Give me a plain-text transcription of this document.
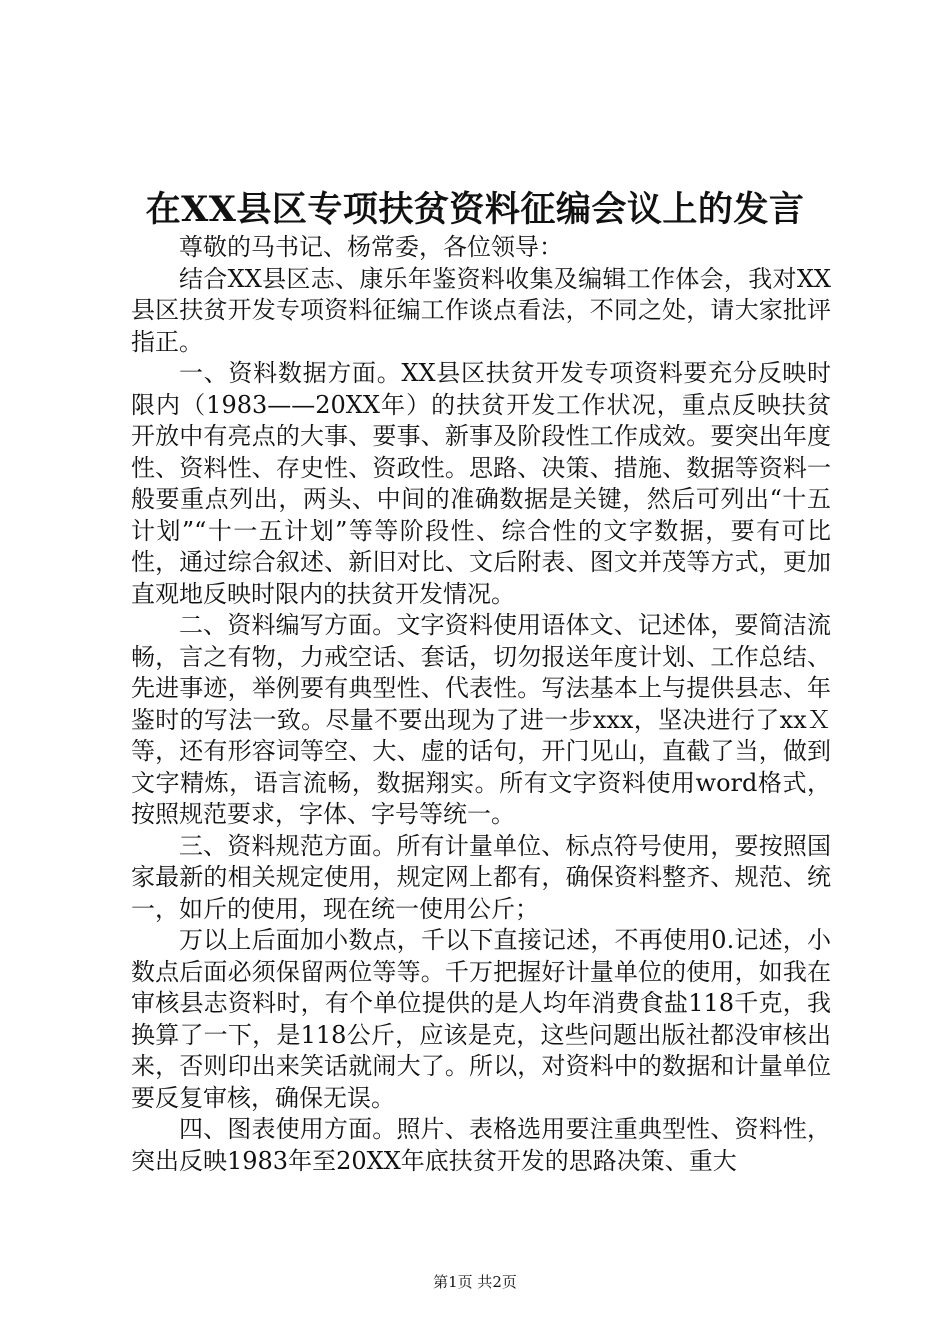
在XX县区专项扶贫资料征编会议上的发言

尊敬的马书记、杨常委，各位领导：

结合XX县区志、康乐年鉴资料收集及编辑工作体会，我对XX县区扶贫开发专项资料征编工作谈点看法，不同之处，请大家批评指正。

一、资料数据方面。XX县区扶贫开发专项资料要充分反映时限内（1983——20XX年）的扶贫开发工作状况，重点反映扶贫开放中有亮点的大事、要事、新事及阶段性工作成效。要突出年度性、资料性、存史性、资政性。思路、决策、措施、数据等资料一般要重点列出，两头、中间的准确数据是关键，然后可列出“十五计划”“十一五计划”等等阶段性、综合性的文字数据，要有可比性，通过综合叙述、新旧对比、文后附表、图文并茂等方式，更加直观地反映时限内的扶贫开发情况。

二、资料编写方面。文字资料使用语体文、记述体，要简洁流畅，言之有物，力戒空话、套话，切勿报送年度计划、工作总结、先进事迹，举例要有典型性、代表性。写法基本上与提供县志、年鉴时的写法一致。尽量不要出现为了进一步xxx，坚决进行了xxＸ等，还有形容词等空、大、虚的话句，开门见山，直截了当，做到文字精炼，语言流畅，数据翔实。所有文字资料使用word格式，按照规范要求，字体、字号等统一。

三、资料规范方面。所有计量单位、标点符号使用，要按照国家最新的相关规定使用，规定网上都有，确保资料整齐、规范、统一，如斤的使用，现在统一使用公斤；

万以上后面加小数点，千以下直接记述，不再使用0.记述，小数点后面必须保留两位等等。千万把握好计量单位的使用，如我在审核县志资料时，有个单位提供的是人均年消费食盐118千克，我换算了一下，是118公斤，应该是克，这些问题出版社都没审核出来，否则印出来笑话就闹大了。所以，对资料中的数据和计量单位要反复审核，确保无误。

四、图表使用方面。照片、表格选用要注重典型性、资料性，突出反映1983年至20XX年底扶贫开发的思路决策、重大

第1页 共2页
